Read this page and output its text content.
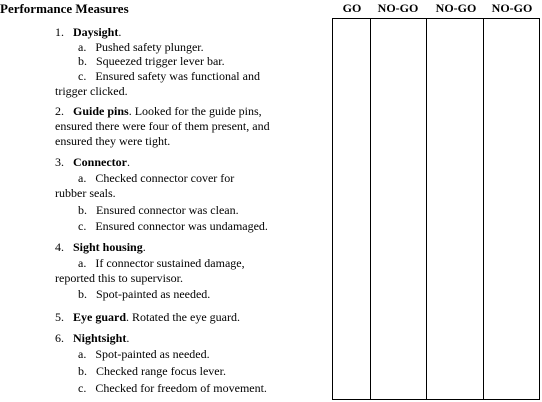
Performance Measures	GO	NO-GO	NO-GO	NO-GO
1. Daysight.
a. Pushed safety plunger.
b. Squeezed trigger lever bar.
c. Ensured safety was functional and
trigger clicked.
2. Guide pins. Looked for the guide pins,
ensured there were four of them present, and
ensured they were tight.
3. Connector.
a. Checked connector cover for
rubber seals.
b. Ensured connector was clean.
c. Ensured connector was undamaged.
4. Sight housing.
a. If connector sustained damage,
reported this to supervisor.
b. Spot-painted as needed.
5. Eye guard. Rotated the eye guard.
6. Nightsight.
a. Spot-painted as needed.
b. Checked range focus lever.
c. Checked for freedom of movement.
